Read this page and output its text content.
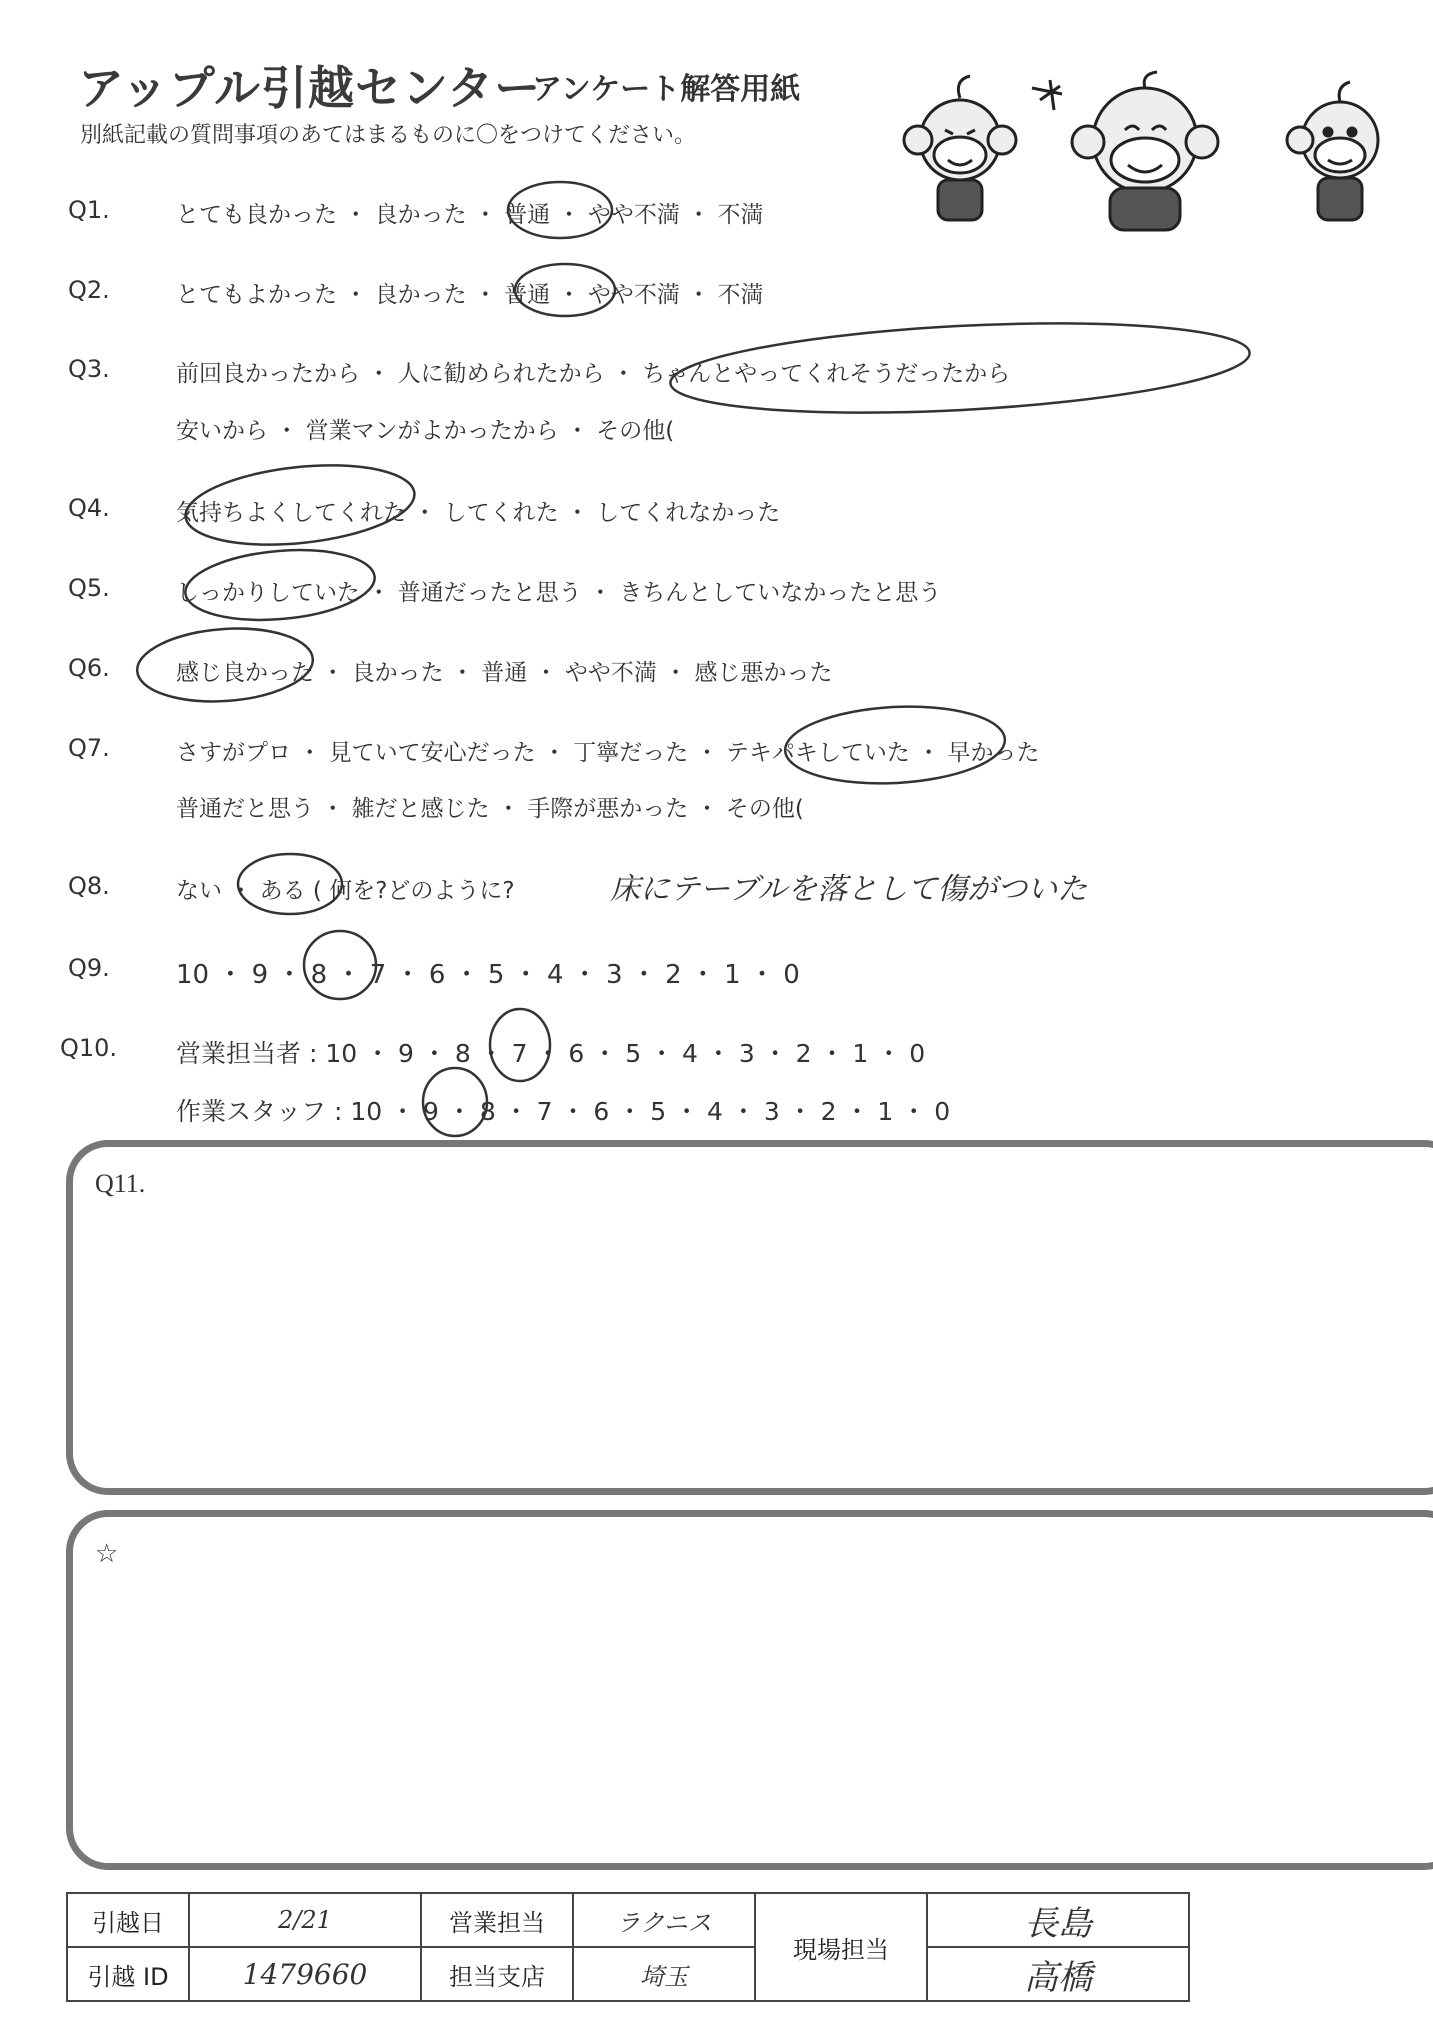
アップル引越センター
アンケート解答用紙
別紙記載の質問事項のあてはまるものに〇をつけてください。
Q1.	とても良かった ・ 良かった ・ 普通 ・ やや不満 ・ 不満
Q2.	とてもよかった ・ 良かった ・ 普通 ・ やや不満 ・ 不満
Q3.	前回良かったから ・ 人に勧められたから ・ ちゃんとやってくれそうだったから
安いから ・ 営業マンがよかったから ・ その他(
Q4.	気持ちよくしてくれた ・ してくれた ・ してくれなかった
Q5.	しっかりしていた ・ 普通だったと思う ・ きちんとしていなかったと思う
Q6.	感じ良かった ・ 良かった ・ 普通 ・ やや不満 ・ 感じ悪かった
Q7.	さすがプロ ・ 見ていて安心だった ・ 丁寧だった ・ テキパキしていた ・ 早かった
普通だと思う ・ 雑だと感じた ・ 手際が悪かった ・ その他(
Q8.	ない ・ ある ( 何を?どのように?	床にテーブルを落として傷がついた
Q9.	10 ・ 9 ・ 8 ・ 7 ・ 6 ・ 5 ・ 4 ・ 3 ・ 2 ・ 1 ・ 0
Q10. 営業担当者 : 10 ・ 9 ・ 8 ・ 7 ・ 6 ・ 5 ・ 4 ・ 3 ・ 2 ・ 1 ・ 0
作業スタッフ : 10 ・ 9 ・ 8 ・ 7 ・ 6 ・ 5 ・ 4 ・ 3 ・ 2 ・ 1 ・ 0
Q11.
☆
引越日	2/21	営業担当	ラクニス	現場担当	長島
引越 ID	1479660	担当支店	埼玉		高橋
